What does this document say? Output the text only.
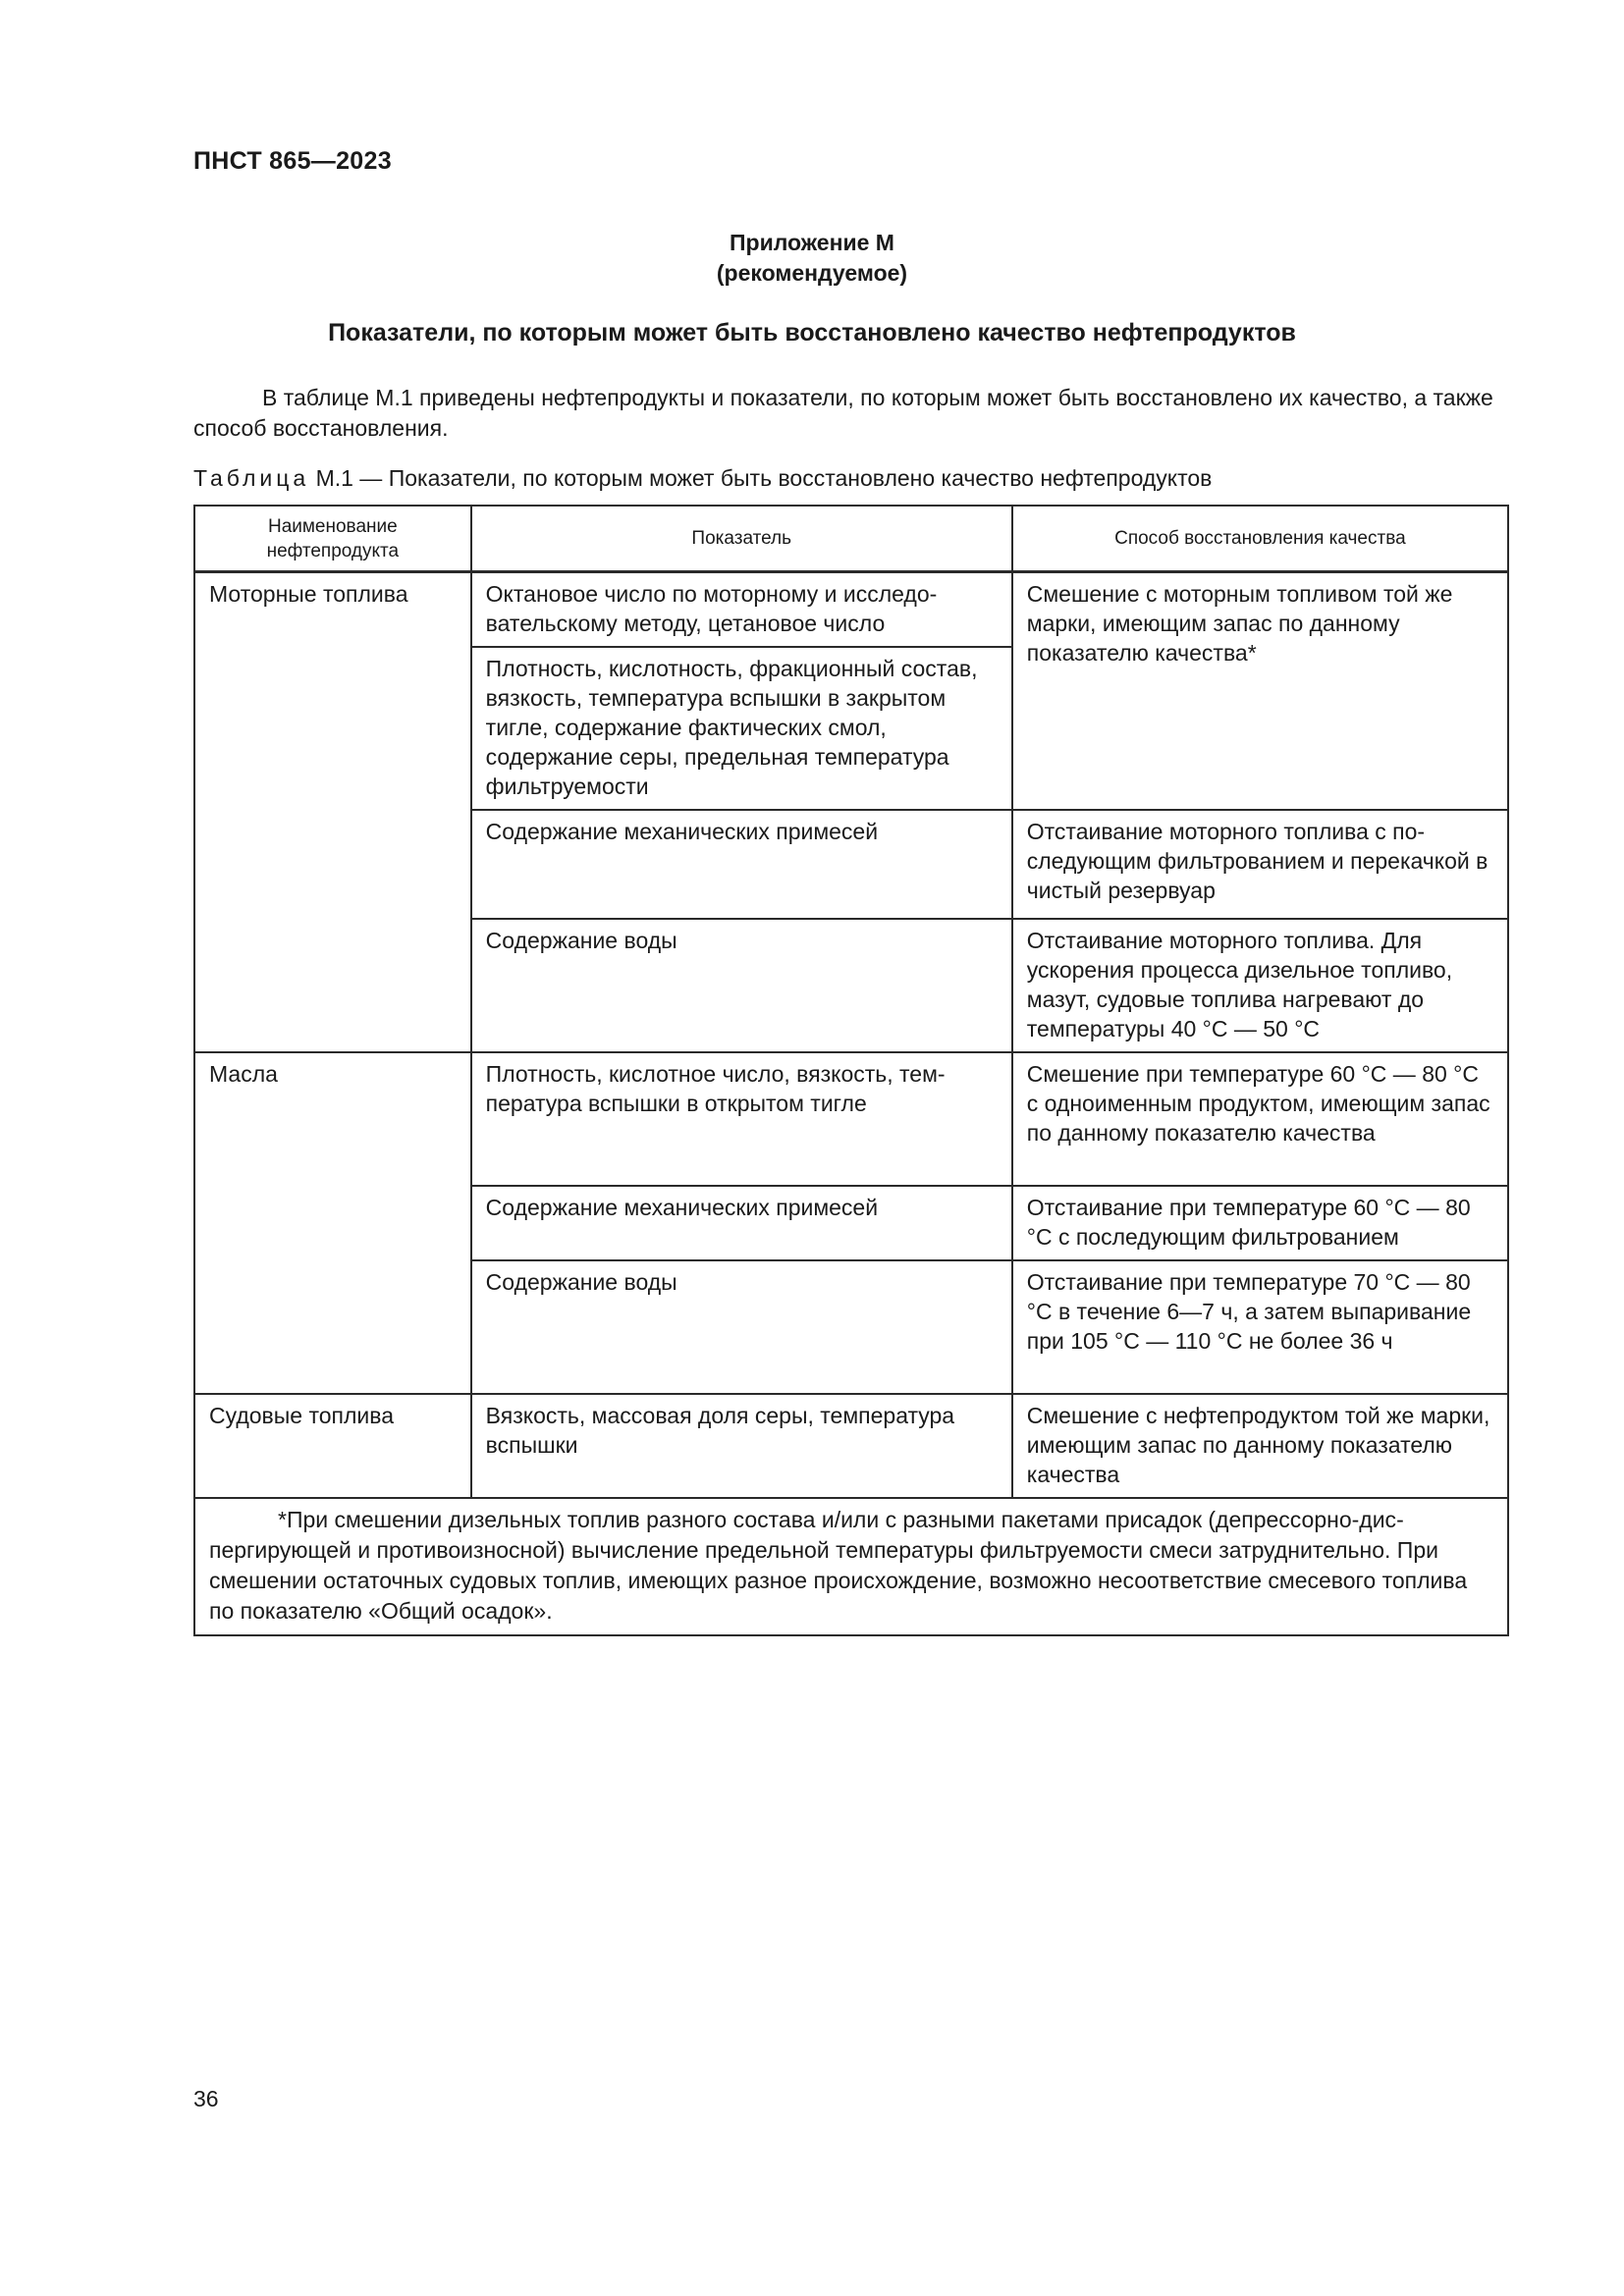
ПНСТ 865—2023
Приложение М
(рекомендуемое)
Показатели, по которым может быть восстановлено качество нефтепродуктов
В таблице М.1 приведены нефтепродукты и показатели, по которым может быть восстановлено их качество, а также способ восстановления.
Таблица М.1 — Показатели, по которым может быть восстановлено качество нефтепродуктов
Наименование нефтепродукта	Показатель	Способ восстановления качества
Моторные топлива	Октановое число по моторному и исследовательскому методу, цетановое число	Смешение с моторным топливом той же марки, имеющим запас по данному показателю качества*
	Плотность, кислотность, фракционный состав, вязкость, температура вспышки в закрытом тигле, содержание фактических смол, содержание серы, предельная температура фильтруемости	
	Содержание механических примесей	Отстаивание моторного топлива с последующим фильтрованием и перекачкой в чистый резервуар
	Содержание воды	Отстаивание моторного топлива. Для ускорения процесса дизельное топливо, мазут, судовые топлива нагревают до температуры 40 °С — 50 °С
Масла	Плотность, кислотное число, вязкость, температура вспышки в открытом тигле	Смешение при температуре 60 °С — 80 °С с одноименным продуктом, имеющим запас по данному показателю качества
	Содержание механических примесей	Отстаивание при температуре 60 °С — 80 °С с последующим фильтрованием
	Содержание воды	Отстаивание при температуре 70 °С — 80 °С в течение 6—7 ч, а затем выпаривание при 105 °С — 110 °С не более 36 ч
Судовые топлива	Вязкость, массовая доля серы, температура вспышки	Смешение с нефтепродуктом той же марки, имеющим запас по данному показателю качества
*При смешении дизельных топлив разного состава и/или с разными пакетами присадок (депрессорно-диспергирующей и противоизносной) вычисление предельной температуры фильтруемости смеси затруднительно. При смешении остаточных судовых топлив, имеющих разное происхождение, возможно несоответствие смесевого топлива по показателю «Общий осадок».		
36
